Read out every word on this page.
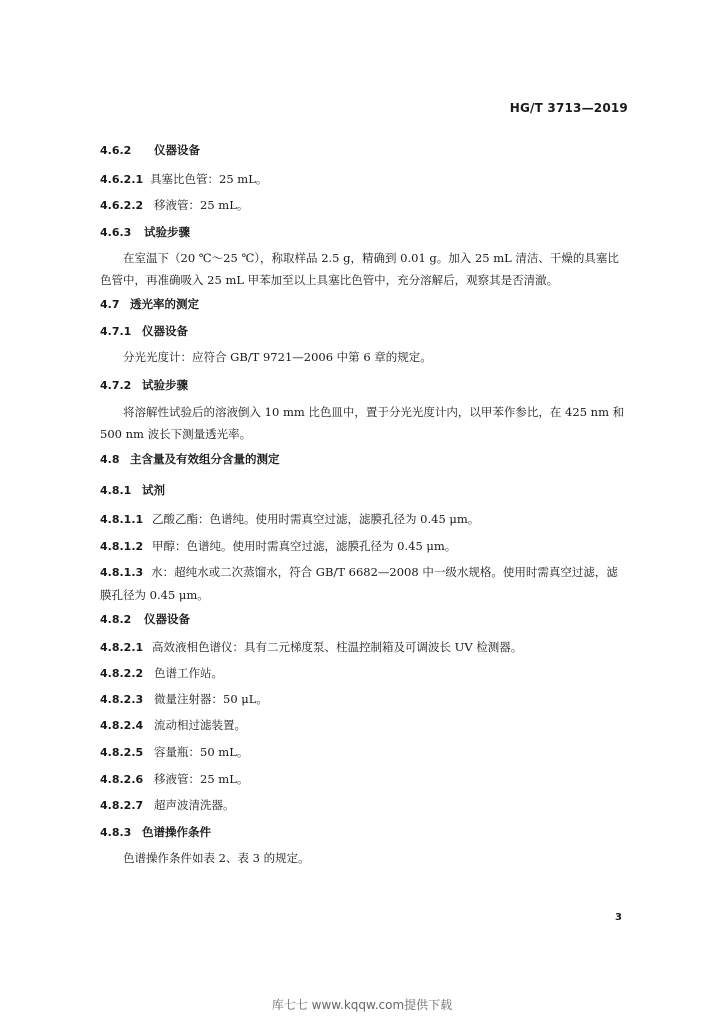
HG/T 3713—2019
4.6.2 仪器设备
4.6.2.1 具塞比色管：25 mL。
4.6.2.2 移液管：25 mL。
4.6.3 试验步骤
在室温下（20 ℃～25 ℃），称取样品 2.5 g，精确到 0.01 g。加入 25 mL 清洁、干燥的具塞比色管中，再准确吸入 25 mL 甲苯加至以上具塞比色管中，充分溶解后，观察其是否清澈。
4.7 透光率的测定
4.7.1 仪器设备
分光光度计：应符合 GB/T 9721—2006 中第 6 章的规定。
4.7.2 试验步骤
将溶解性试验后的溶液倒入 10 mm 比色皿中，置于分光光度计内，以甲苯作参比，在 425 nm 和 500 nm 波长下测量透光率。
4.8 主含量及有效组分含量的测定
4.8.1 试剂
4.8.1.1 乙酸乙酯：色谱纯。使用时需真空过滤，滤膜孔径为 0.45 μm。
4.8.1.2 甲醇：色谱纯。使用时需真空过滤，滤膜孔径为 0.45 μm。
4.8.1.3 水：超纯水或二次蒸馏水，符合 GB/T 6682—2008 中一级水规格。使用时需真空过滤，滤膜孔径为 0.45 μm。
4.8.2 仪器设备
4.8.2.1 高效液相色谱仪：具有二元梯度泵、柱温控制箱及可调波长 UV 检测器。
4.8.2.2 色谱工作站。
4.8.2.3 微量注射器：50 μL。
4.8.2.4 流动相过滤装置。
4.8.2.5 容量瓶：50 mL。
4.8.2.6 移液管：25 mL。
4.8.2.7 超声波清洗器。
4.8.3 色谱操作条件
色谱操作条件如表 2、表 3 的规定。
3
库七七 www.kqqw.com提供下载
